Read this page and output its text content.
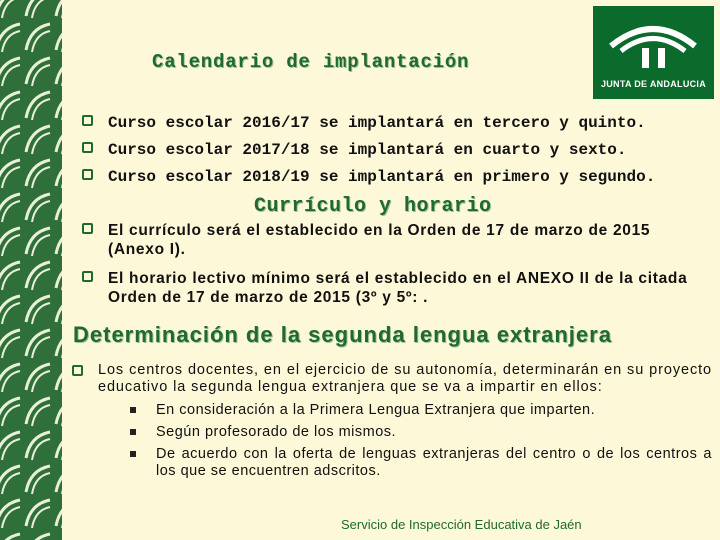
JUNTA DE ANDALUCIA
Calendario de implantación
Curso escolar 2016/17 se implantará en tercero y quinto.
Curso escolar 2017/18 se implantará en cuarto y sexto.
Curso escolar 2018/19 se implantará en primero y segundo.
Currículo y horario
El currículo será el establecido en la Orden de 17 de marzo de 2015 (Anexo I).
El horario lectivo mínimo será el establecido en el ANEXO II de la citada Orden de 17 de marzo de 2015 (3º y 5º: .
Determinación de la segunda lengua extranjera
Los centros docentes, en el ejercicio de su autonomía, determinarán en su proyecto educativo la segunda lengua extranjera que se va a impartir en ellos:
En consideración a la Primera Lengua Extranjera que imparten.
Según profesorado de los mismos.
De acuerdo con la oferta de lenguas extranjeras del centro o de los centros a los que se encuentren adscritos.
Servicio de Inspección Educativa de Jaén
